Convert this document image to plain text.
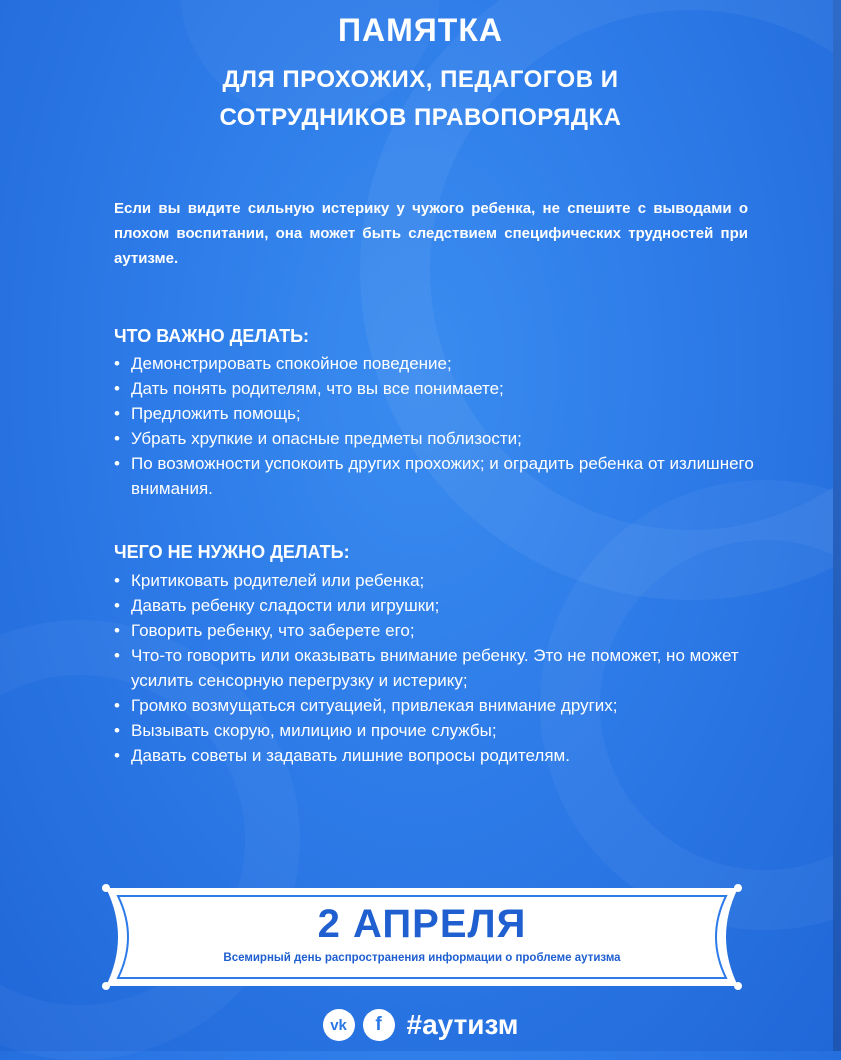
ПАМЯТКА
ДЛЯ ПРОХОЖИХ, ПЕДАГОГОВ И
СОТРУДНИКОВ ПРАВОПОРЯДКА
Если вы видите сильную истерику у чужого ребенка, не спешите с выводами о плохом воспитании, она может быть следствием специфических трудностей при аутизме.
ЧТО ВАЖНО ДЕЛАТЬ:
• Демонстрировать спокойное поведение;
• Дать понять родителям, что вы все понимаете;
• Предложить помощь;
• Убрать хрупкие и опасные предметы поблизости;
• По возможности успокоить других прохожих; и оградить ребенка от излишнего внимания.
ЧЕГО НЕ НУЖНО ДЕЛАТЬ:
• Критиковать родителей или ребенка;
• Давать ребенку сладости или игрушки;
• Говорить ребенку, что заберете его;
• Что-то говорить или оказывать внимание ребенку. Это не поможет, но может усилить сенсорную перегрузку и истерику;
• Громко возмущаться ситуацией, привлекая внимание других;
• Вызывать скорую, милицию и прочие службы;
• Давать советы и задавать лишние вопросы родителям.
2 АПРЕЛЯ
Всемирный день распространения информации о проблеме аутизма
vk	f #аутизм
